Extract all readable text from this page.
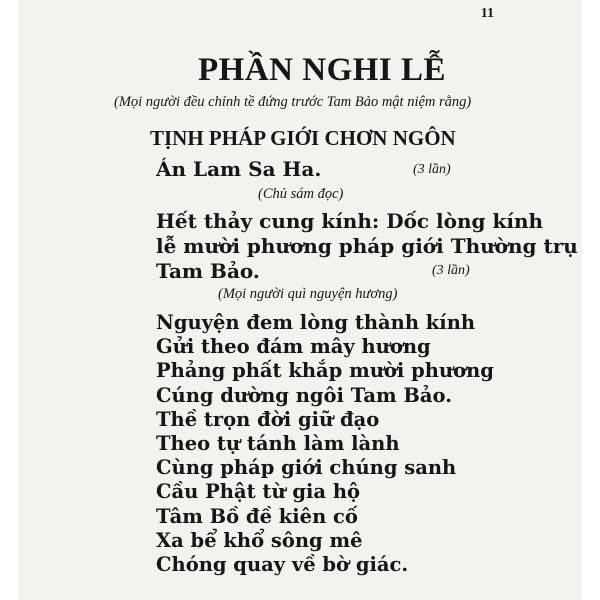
11
PHẦN NGHI LỄ
(Mọi người đều chỉnh tề đứng trước Tam Bảo mật niệm rằng)
TỊNH PHÁP GIỚI CHƠN NGÔN
Án Lam Sa Ha.	(3 lần)
(Chủ sám đọc)
Hết thảy cung kính: Dốc lòng kính
lễ mười phương pháp giới Thường trụ
Tam Bảo.	(3 lần)
(Mọi người quì nguyện hương)
Nguyện đem lòng thành kính
Gửi theo đám mây hương
Phảng phất khắp mười phương
Cúng dường ngôi Tam Bảo.
Thề trọn đời giữ đạo
Theo tự tánh làm lành
Cùng pháp giới chúng sanh
Cầu Phật từ gia hộ
Tâm Bồ đề kiên cố
Xa bể khổ sông mê
Chóng quay về bờ giác.
